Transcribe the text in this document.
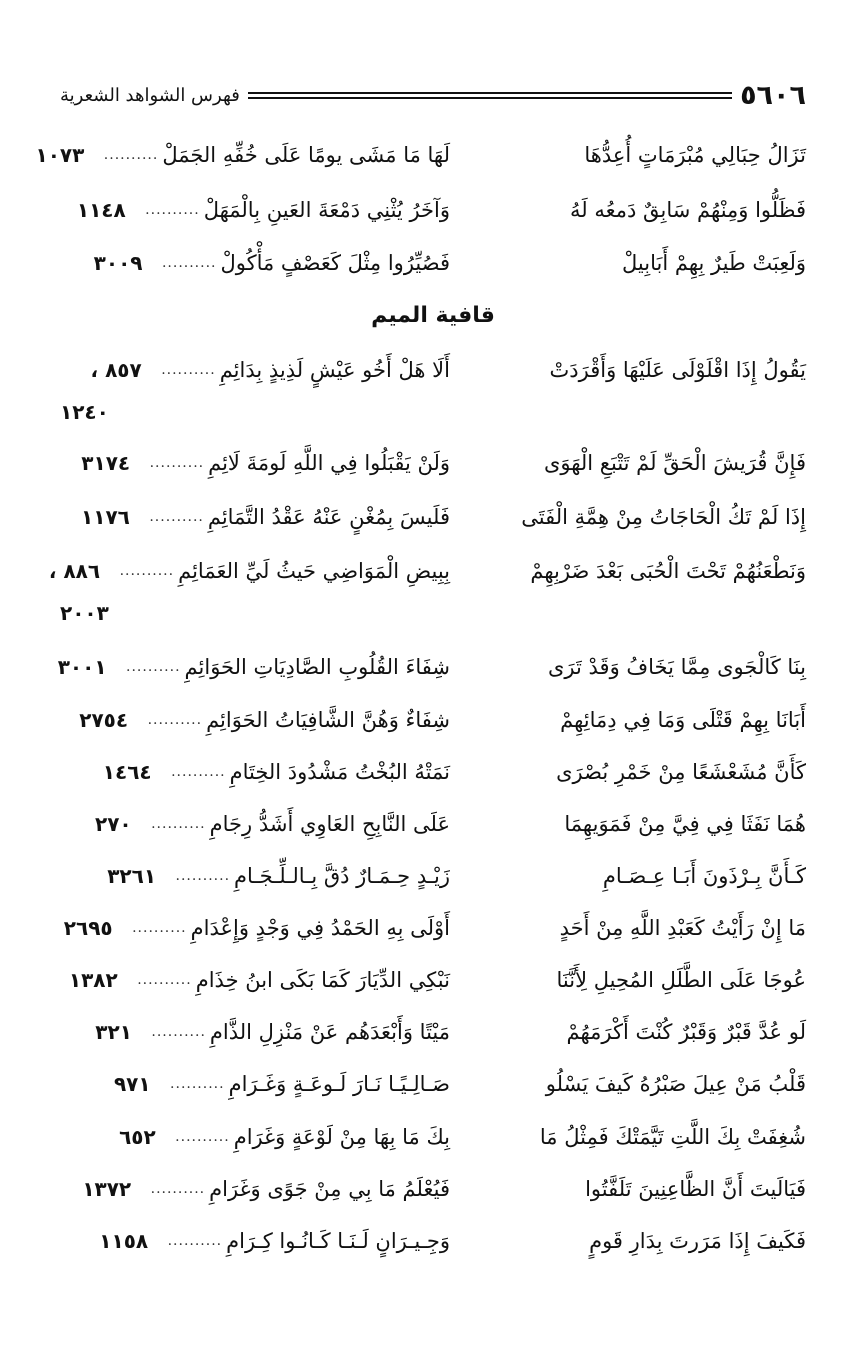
٥٦٠٦
فهرس الشواهد الشعرية
تَزَالُ حِبَالِي مُبْرَمَاتٍ أُعِدُّهَا
لَهَا مَا مَشَى يومًا عَلَى خُفِّهِ الجَمَلْ
..........
١٠٧٣
فَظَلُّوا وَمِنْهُمْ سَابِقٌ دَمعُه لَهُ
وَآخَرُ يُثْنِي دَمْعَةَ العَينِ بِالْمَهَلْ
..........
١١٤٨
وَلَعِبَتْ طَيرٌ بِهِمْ أَبَابِيلْ
فَصُيِّرُوا مِثْلَ كَعَصْفٍ مَأْكُولْ
..........
٣٠٠٩
قافية الميم
يَقُولُ إِذَا اقْلَوْلَى عَلَيْهَا وَأَقْرَدَتْ
أَلَا هَلْ أَخُو عَيْشٍ لَذِيذٍ بِدَائِمِ
..........
٨٥٧ ،
١٢٤٠
فَإِنَّ قُرَيشَ الْحَقِّ لَمْ تَتْبَعِ الْهَوَى
وَلَنْ يَقْبَلُوا فِي اللَّهِ لَومَةَ لَائِمِ
..........
٣١٧٤
إِذَا لَمْ تَكُ الْحَاجَاتُ مِنْ هِمَّةِ الْفَتَى
فَلَيسَ بِمُغْنٍ عَنْهُ عَقْدُ التَّمَائِمِ
..........
١١٧٦
وَنَطْعَنُهُمْ تَحْتَ الْحُبَى بَعْدَ ضَرْبِهِمْ
بِبِيضِ الْمَوَاضِي حَيثُ لَيِّ العَمَائِمِ
..........
٨٨٦ ،
٢٠٠٣
بِنَا كَالْجَوى مِمَّا يَخَافُ وَقَدْ تَرَى
شِفَاءَ القُلُوبِ الصَّادِيَاتِ الحَوَائِمِ
..........
٣٠٠١
أَبَانَا بِهِمْ قَتْلَى وَمَا فِي دِمَائِهِمْ
شِفَاءٌ وَهُنَّ الشَّافِيَاتُ الحَوَائِمِ
..........
٢٧٥٤
كَأَنَّ مُشَعْشَعًا مِنْ خَمْرِ بُصْرَى
نَمَتْهُ البُخْتُ مَشْدُودَ الخِتَامِ
..........
١٤٦٤
هُمَا نَفَثَا فِي فِيَّ مِنْ فَمَوَيهِمَا
عَلَى النَّابِحِ العَاوِي أَشَدُّ رِجَامِ
..........
٢٧٠
كَـأَنَّ بِـرْذَونَ أَبَـا عِـصَـامِ
زَيْـدٍ حِـمَـارٌ دُقَّ بِـالـلِّـجَـامِ
..........
٣٢٦١
مَا إِنْ رَأَيْتُ كَعَبْدِ اللَّهِ مِنْ أَحَدٍ
أَوْلَى بِهِ الحَمْدُ فِي وَجْدٍ وَإِعْدَامِ
..........
٢٦٩٥
عُوجَا عَلَى الطَّلَلِ المُحِيلِ لِأَنَّنَا
نَبْكِي الدِّيَارَ كَمَا بَكَى ابنُ خِذَامِ
..........
١٣٨٢
لَو عُدَّ قَبْرٌ وَقَبْرٌ كُنْتَ أَكْرَمَهُمْ
مَيْتًا وَأَبْعَدَهُم عَنْ مَنْزِلِ الذَّامِ
..........
٣٢١
قَلْبُ مَنْ عِيلَ صَبْرُهُ كَيفَ يَسْلُو
صَـالِـيًـا نَـارَ لَـوعَـةٍ وَغَـرَامِ
..........
٩٧١
شُغِفَتْ بِكَ اللَّتِ تَيَّمَتْكَ فَمِثْلُ مَا
بِكَ مَا بِهَا مِنْ لَوْعَةٍ وَغَرَامِ
..........
٦٥٢
فَيَالَيتَ أَنَّ الظَّاعِنِينَ تَلَفَّتُوا
فَيُعْلَمُ مَا بِي مِنْ جَوًى وَغَرَامِ
..........
١٣٧٢
فَكَيفَ إِذَا مَرَرتَ بِدَارِ قَومٍ
وَجِـيـرَانٍ لَـنَـا كَـانُـوا كِـرَامِ
..........
١١٥٨
